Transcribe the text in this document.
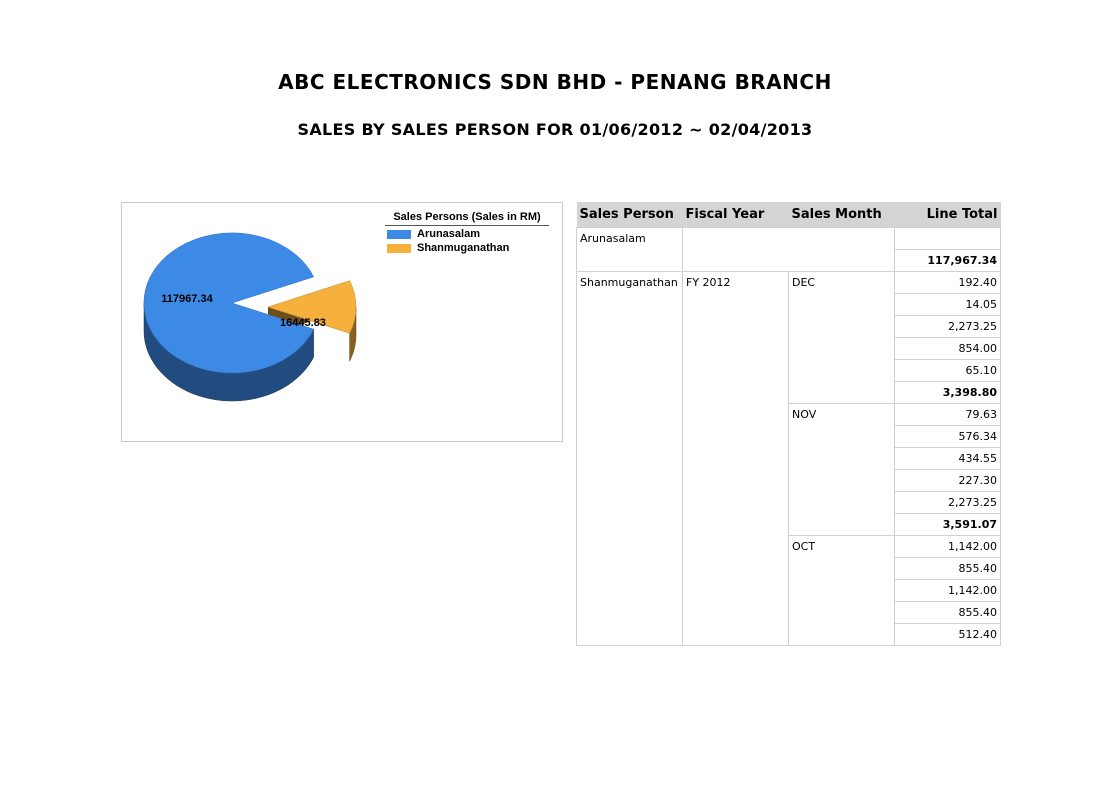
ABC ELECTRONICS SDN BHD - PENANG BRANCH
SALES BY SALES PERSON FOR 01/06/2012 ~ 02/04/2013
117967.34
16445.83
Sales Persons (Sales in RM)
Arunasalam
Shanmuganathan
Sales Person	Fiscal Year	Sales Month	Line Total
Arunasalam			
			117,967.34
Shanmuganathan	FY 2012	DEC	192.40
			14.05
			2,273.25
			854.00
			65.10
			3,398.80
		NOV	79.63
			576.34
			434.55
			227.30
			2,273.25
			3,591.07
		OCT	1,142.00
			855.40
			1,142.00
			855.40
			512.40
